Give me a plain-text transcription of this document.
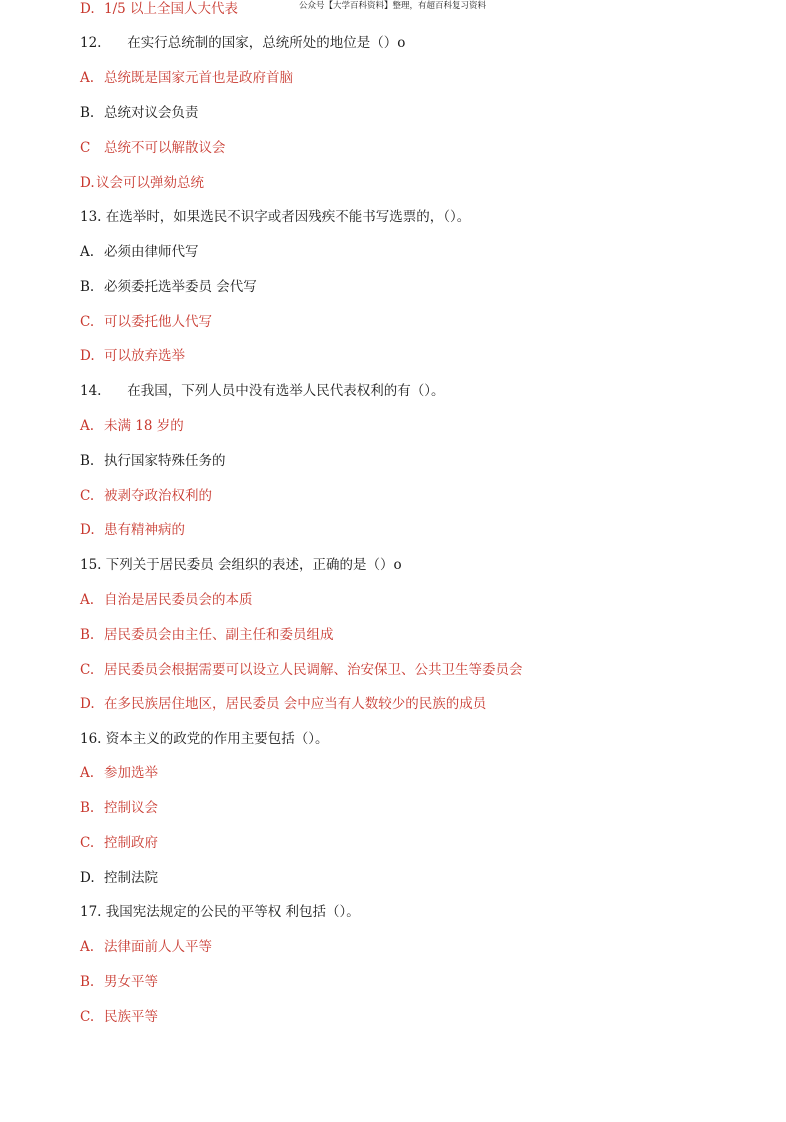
公众号【大学百科资料】整理，有超百科复习资料
D. 1/5 以上全国人大代表
12.      在实行总统制的国家，总统所处的地位是（）o
A. 总统既是国家元首也是政府首脑
B. 总统对议会负责
C 总统不可以解散议会
D.议会可以弹劾总统
13. 在选举时，如果选民不识字或者因残疾不能书写选票的，（）。
A. 必须由律师代写
B. 必须委托选举委员 会代写
C. 可以委托他人代写
D. 可以放弃选举
14.      在我国，下列人员中没有选举人民代表权利的有（）。
A. 未满 18 岁的
B. 执行国家特殊任务的
C. 被剥夺政治权利的
D. 患有精神病的
15. 下列关于居民委员 会组织的表述，正确的是（）o
A. 自治是居民委员会的本质
B. 居民委员会由主任、副主任和委员组成
C. 居民委员会根据需要可以设立人民调解、治安保卫、公共卫生等委员会
D. 在多民族居住地区，居民委员 会中应当有人数较少的民族的成员
16. 资本主义的政党的作用主要包括（）。
A. 参加选举
B. 控制议会
C. 控制政府
D. 控制法院
17. 我国宪法规定的公民的平等权 利包括（）。
A. 法律面前人人平等
B. 男女平等
C. 民族平等
